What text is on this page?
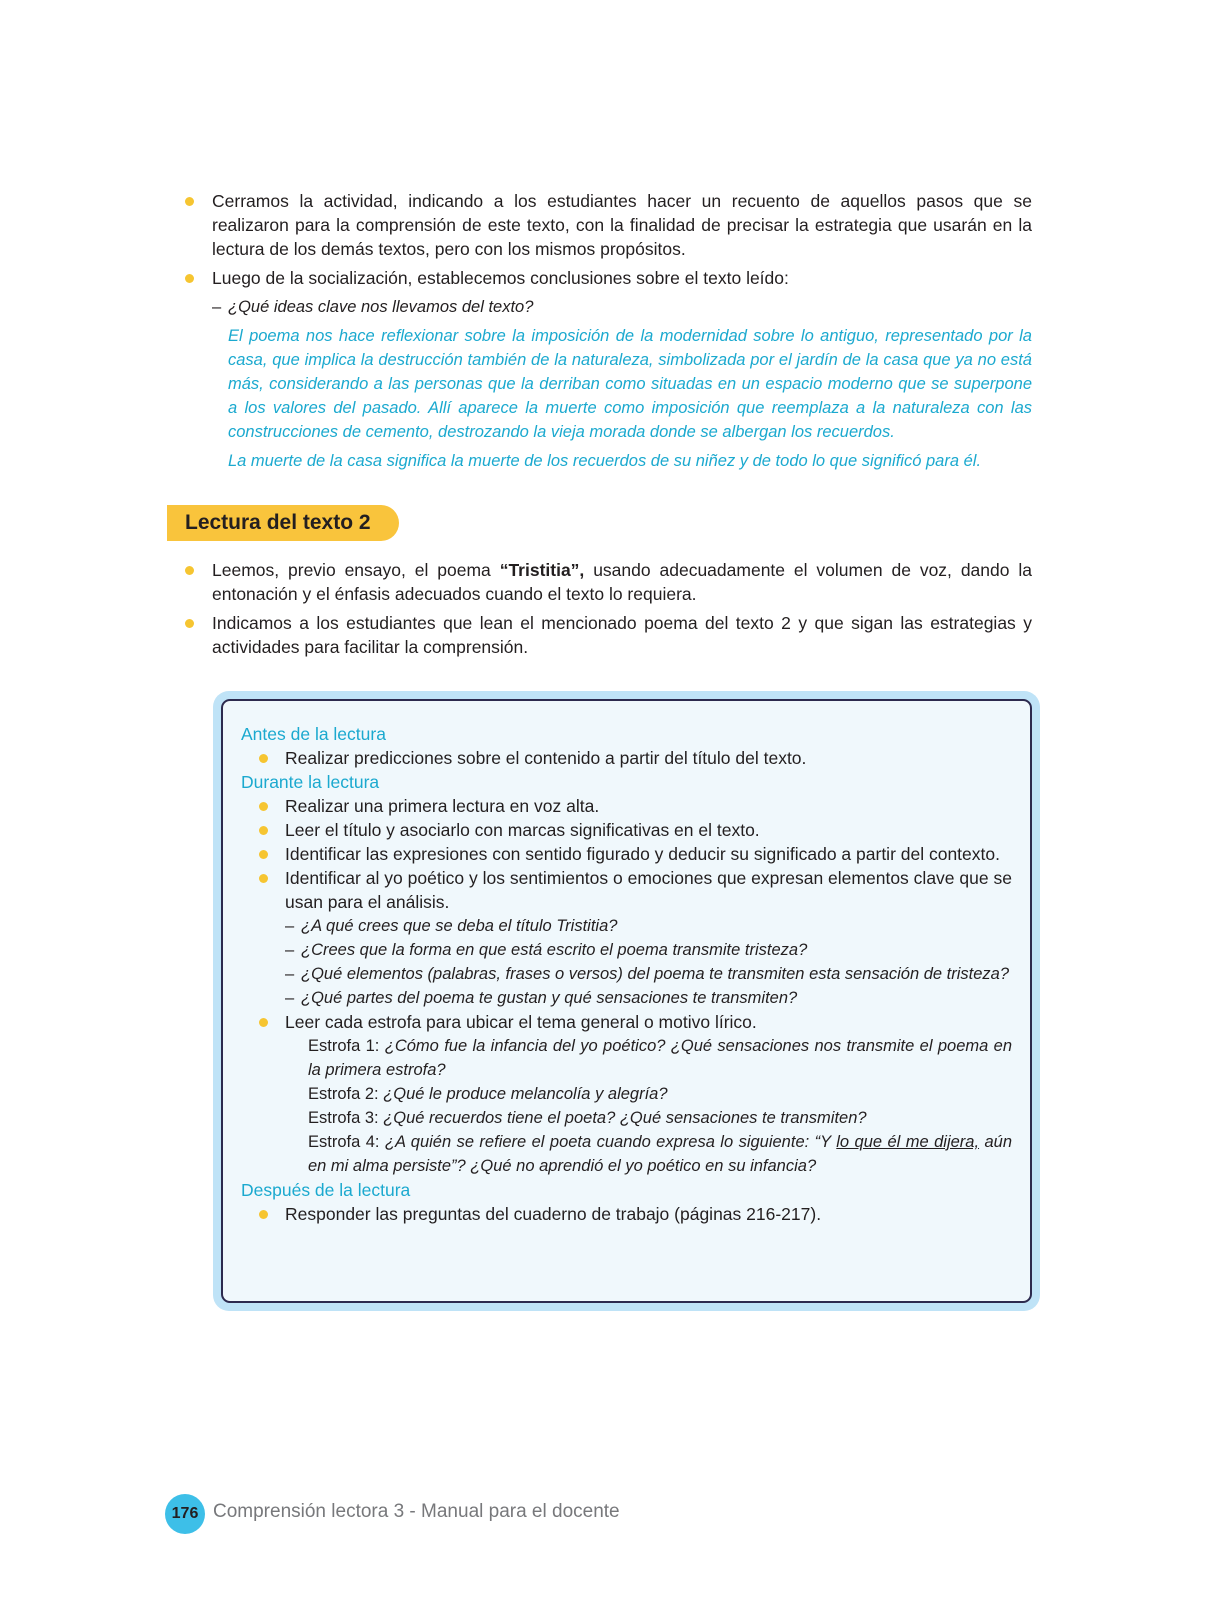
Cerramos la actividad, indicando a los estudiantes hacer un recuento de aquellos pasos que se realizaron para la comprensión de este texto, con la finalidad de precisar la estrategia que usarán en la lectura de los demás textos, pero con los mismos propósitos.
Luego de la socialización, establecemos conclusiones sobre el texto leído:
– ¿Qué ideas clave nos llevamos del texto?

El poema nos hace reflexionar sobre la imposición de la modernidad sobre lo antiguo, representado por la casa, que implica la destrucción también de la naturaleza, simbolizada por el jardín de la casa que ya no está más, considerando a las personas que la derriban como situadas en un espacio moderno que se superpone a los valores del pasado. Allí aparece la muerte como imposición que reemplaza a la naturaleza con las construcciones de cemento, destrozando la vieja morada donde se albergan los recuerdos.

La muerte de la casa significa la muerte de los recuerdos de su niñez y de todo lo que significó para él.

Lectura del texto 2
Leemos, previo ensayo, el poema “Tristitia”, usando adecuadamente el volumen de voz, dando la entonación y el énfasis adecuados cuando el texto lo requiera.
Indicamos a los estudiantes que lean el mencionado poema del texto 2 y que sigan las estrategias y actividades para facilitar la comprensión.
Antes de la lectura
Realizar predicciones sobre el contenido a partir del título del texto.
Durante la lectura
Realizar una primera lectura en voz alta.
Leer el título y asociarlo con marcas significativas en el texto.
Identificar las expresiones con sentido figurado y deducir su significado a partir del contexto.
Identificar al yo poético y los sentimientos o emociones que expresan elementos clave que se usan para el análisis.
– ¿A qué crees que se deba el título Tristitia?
– ¿Crees que la forma en que está escrito el poema transmite tristeza?
– ¿Qué elementos (palabras, frases o versos) del poema te transmiten esta sensación de tristeza?
– ¿Qué partes del poema te gustan y qué sensaciones te transmiten?
Leer cada estrofa para ubicar el tema general o motivo lírico.
Estrofa 1: ¿Cómo fue la infancia del yo poético? ¿Qué sensaciones nos transmite el poema en la primera estrofa?
Estrofa 2: ¿Qué le produce melancolía y alegría?
Estrofa 3: ¿Qué recuerdos tiene el poeta? ¿Qué sensaciones te transmiten?
Estrofa 4: ¿A quién se refiere el poeta cuando expresa lo siguiente: “Y lo que él me dijera, aún en mi alma persiste”? ¿Qué no aprendió el yo poético en su infancia?
Después de la lectura
Responder las preguntas del cuaderno de trabajo (páginas 216-217).
176 Comprensión lectora 3 - Manual para el docente
